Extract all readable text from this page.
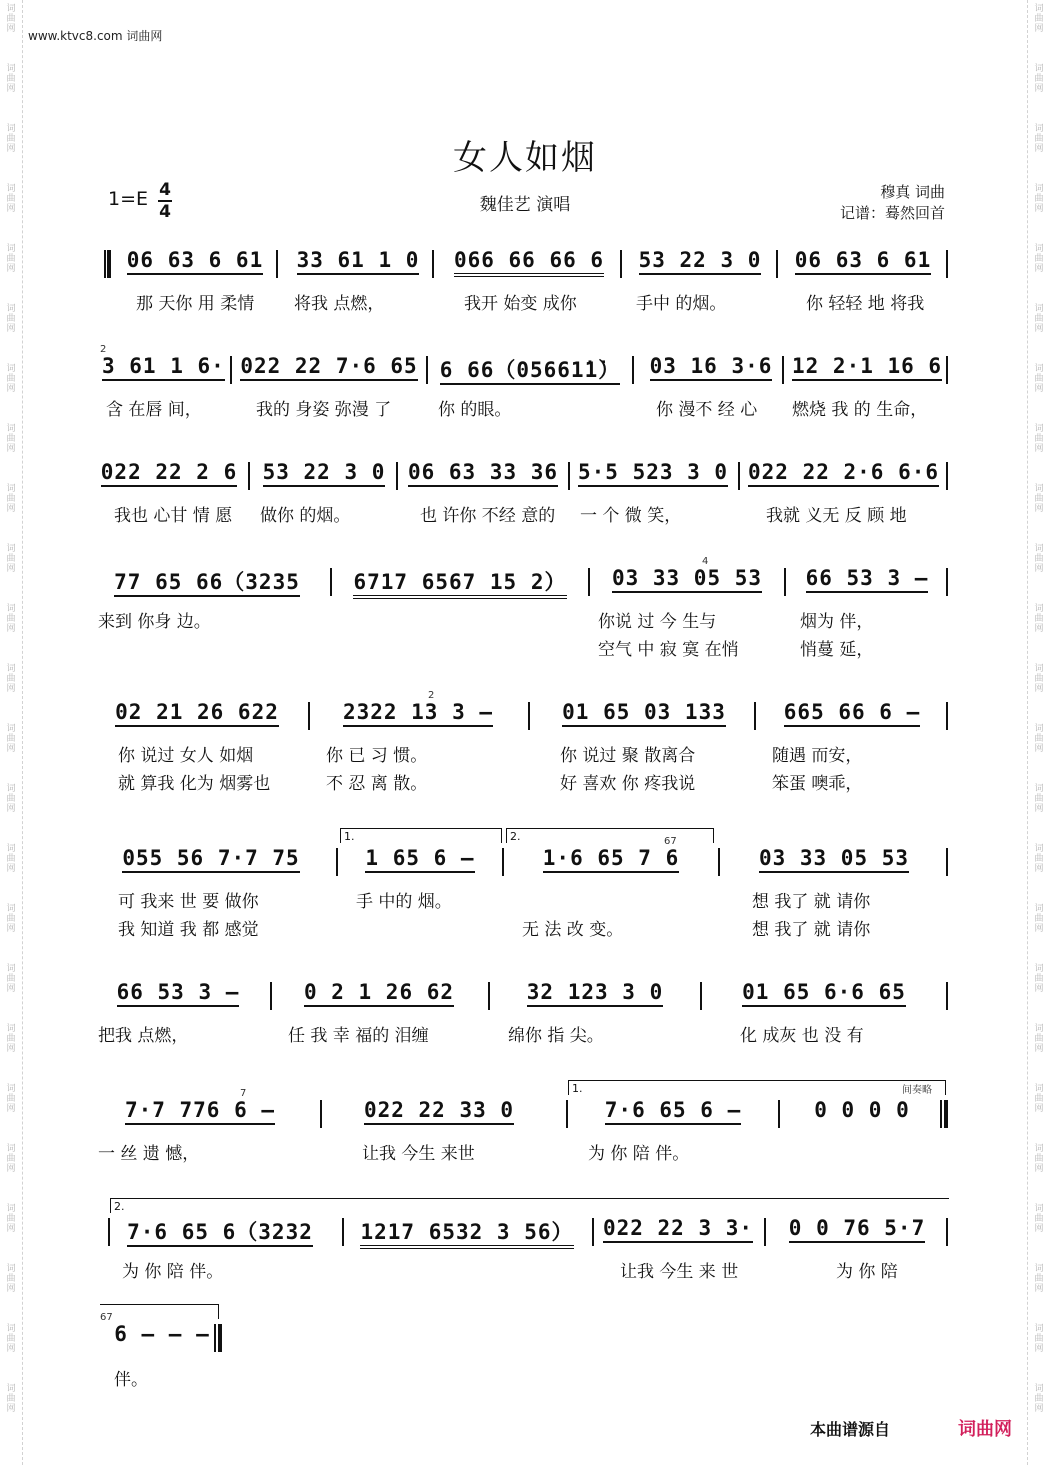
词
曲
网
词
曲
网
词
曲
网
词
曲
网
词
曲
网
词
曲
网
词
曲
网
词
曲
网
词
曲
网
词
曲
网
词
曲
网
词
曲
网
词
曲
网
词
曲
网
词
曲
网
词
曲
网
词
曲
网
词
曲
网
词
曲
网
词
曲
网
词
曲
网
词
曲
网
词
曲
网
词
曲
网
词
曲
网
词
曲
网
词
曲
网
词
曲
网
词
曲
网
词
曲
网
词
曲
网
词
曲
网
词
曲
网
词
曲
网
词
曲
网
词
曲
网
词
曲
网
词
曲
网
词
曲
网
词
曲
网
词
曲
网
词
曲
网
词
曲
网
词
曲
网
词
曲
网
词
曲
网
词
曲
网
词
曲
网
www.ktvc8.com 词曲网
女人如烟
魏佳艺 演唱
1=E 4
4
穆真 词曲
记谱：蓦然回首
06 63 6 61	33 61 1 0	066 66 66 6	53 22 3 0	06 63 6 61
那 天你 用 柔情 将我 点燃，	我开 始变 成你	手中 的烟。	你 轻轻 地 将我
2
3 61 1 6· 022 22 7·6 65 6 66（05661̇1̇） 03 16 3·6 12 2·1 16 6
含 在唇 间，	我的 身姿 弥漫 了	你 的眼。	你 漫不 经 心 燃烧 我 的 生命，
022 22 2 6 53 22 3 0 06 63 33 36 5·5 523 3 0 022 22 2·6 6·6
我也 心甘 情 愿 做你 的烟。	也 许你 不经 意的 一 个 微 笑，	我就 义无 反 顾 地
4
77 65 66（3235	6717 6567 15 2）	03 33 05 53	66 53 3 –
来到 你身 边。	你说 过 今 生与	烟为 伴，
空气 中 寂 寞 在悄	悄蔓 延，
2
02 21 26 622	2322 13 3 –	01 65 03 133	665 66 6 –
你 说过 女人 如烟	你 已 习 惯。	你 说过 聚 散离合	随遇 而安，
就 算我 化为 烟雾也	不 忍 离 散。	好 喜欢 你 疼我说	笨蛋 噢乖，
1.	2.	67
055 56 7·7 75	1 65 6 –	1·6 65 7 6	03 33 05 53
可 我来 世 要 做你	手 中的 烟。	想 我了 就 请你
我 知道 我 都 感觉	无 法 改 变。	想 我了 就 请你
66 53 3 –	0 2 1 26 62	32 123 3 0	01 65 6·6 65
把我 点燃，	任 我 幸 福的 泪缠	绵你 指 尖。	化 成灰 也 没 有
1.	间奏略
7
7·7 776 6 –	022 22 33 0	7·6 65 6 –	0 0 0 0
一 丝 遗 憾，	让我 今生 来世	为 你 陪 伴。
2.
7·6 65 6（3232	1217 6532 3 56）	022 22 3 3·	0 0 76 5·7
为 你 陪 伴。	让我 今生 来 世	为 你 陪
67
6 – – –
伴。
本曲谱源自	词曲网
